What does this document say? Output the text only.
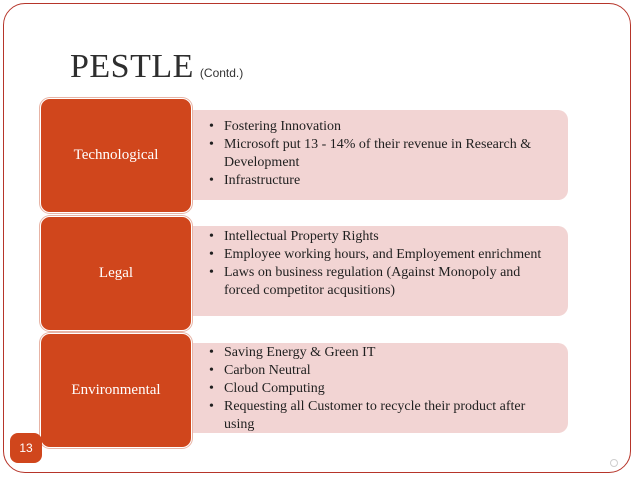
PESTLE (Contd.)
Technological
• Fostering Innovation
• Microsoft put 13 - 14% of their revenue in Research & Development
• Infrastructure
Legal
• Intellectual Property Rights
• Employee working hours, and Employement enrichment
• Laws on business regulation (Against Monopoly and forced competitor acqusitions)
Environmental
• Saving Energy & Green IT
• Carbon Neutral
• Cloud Computing
• Requesting all Customer to recycle their product after using
13
